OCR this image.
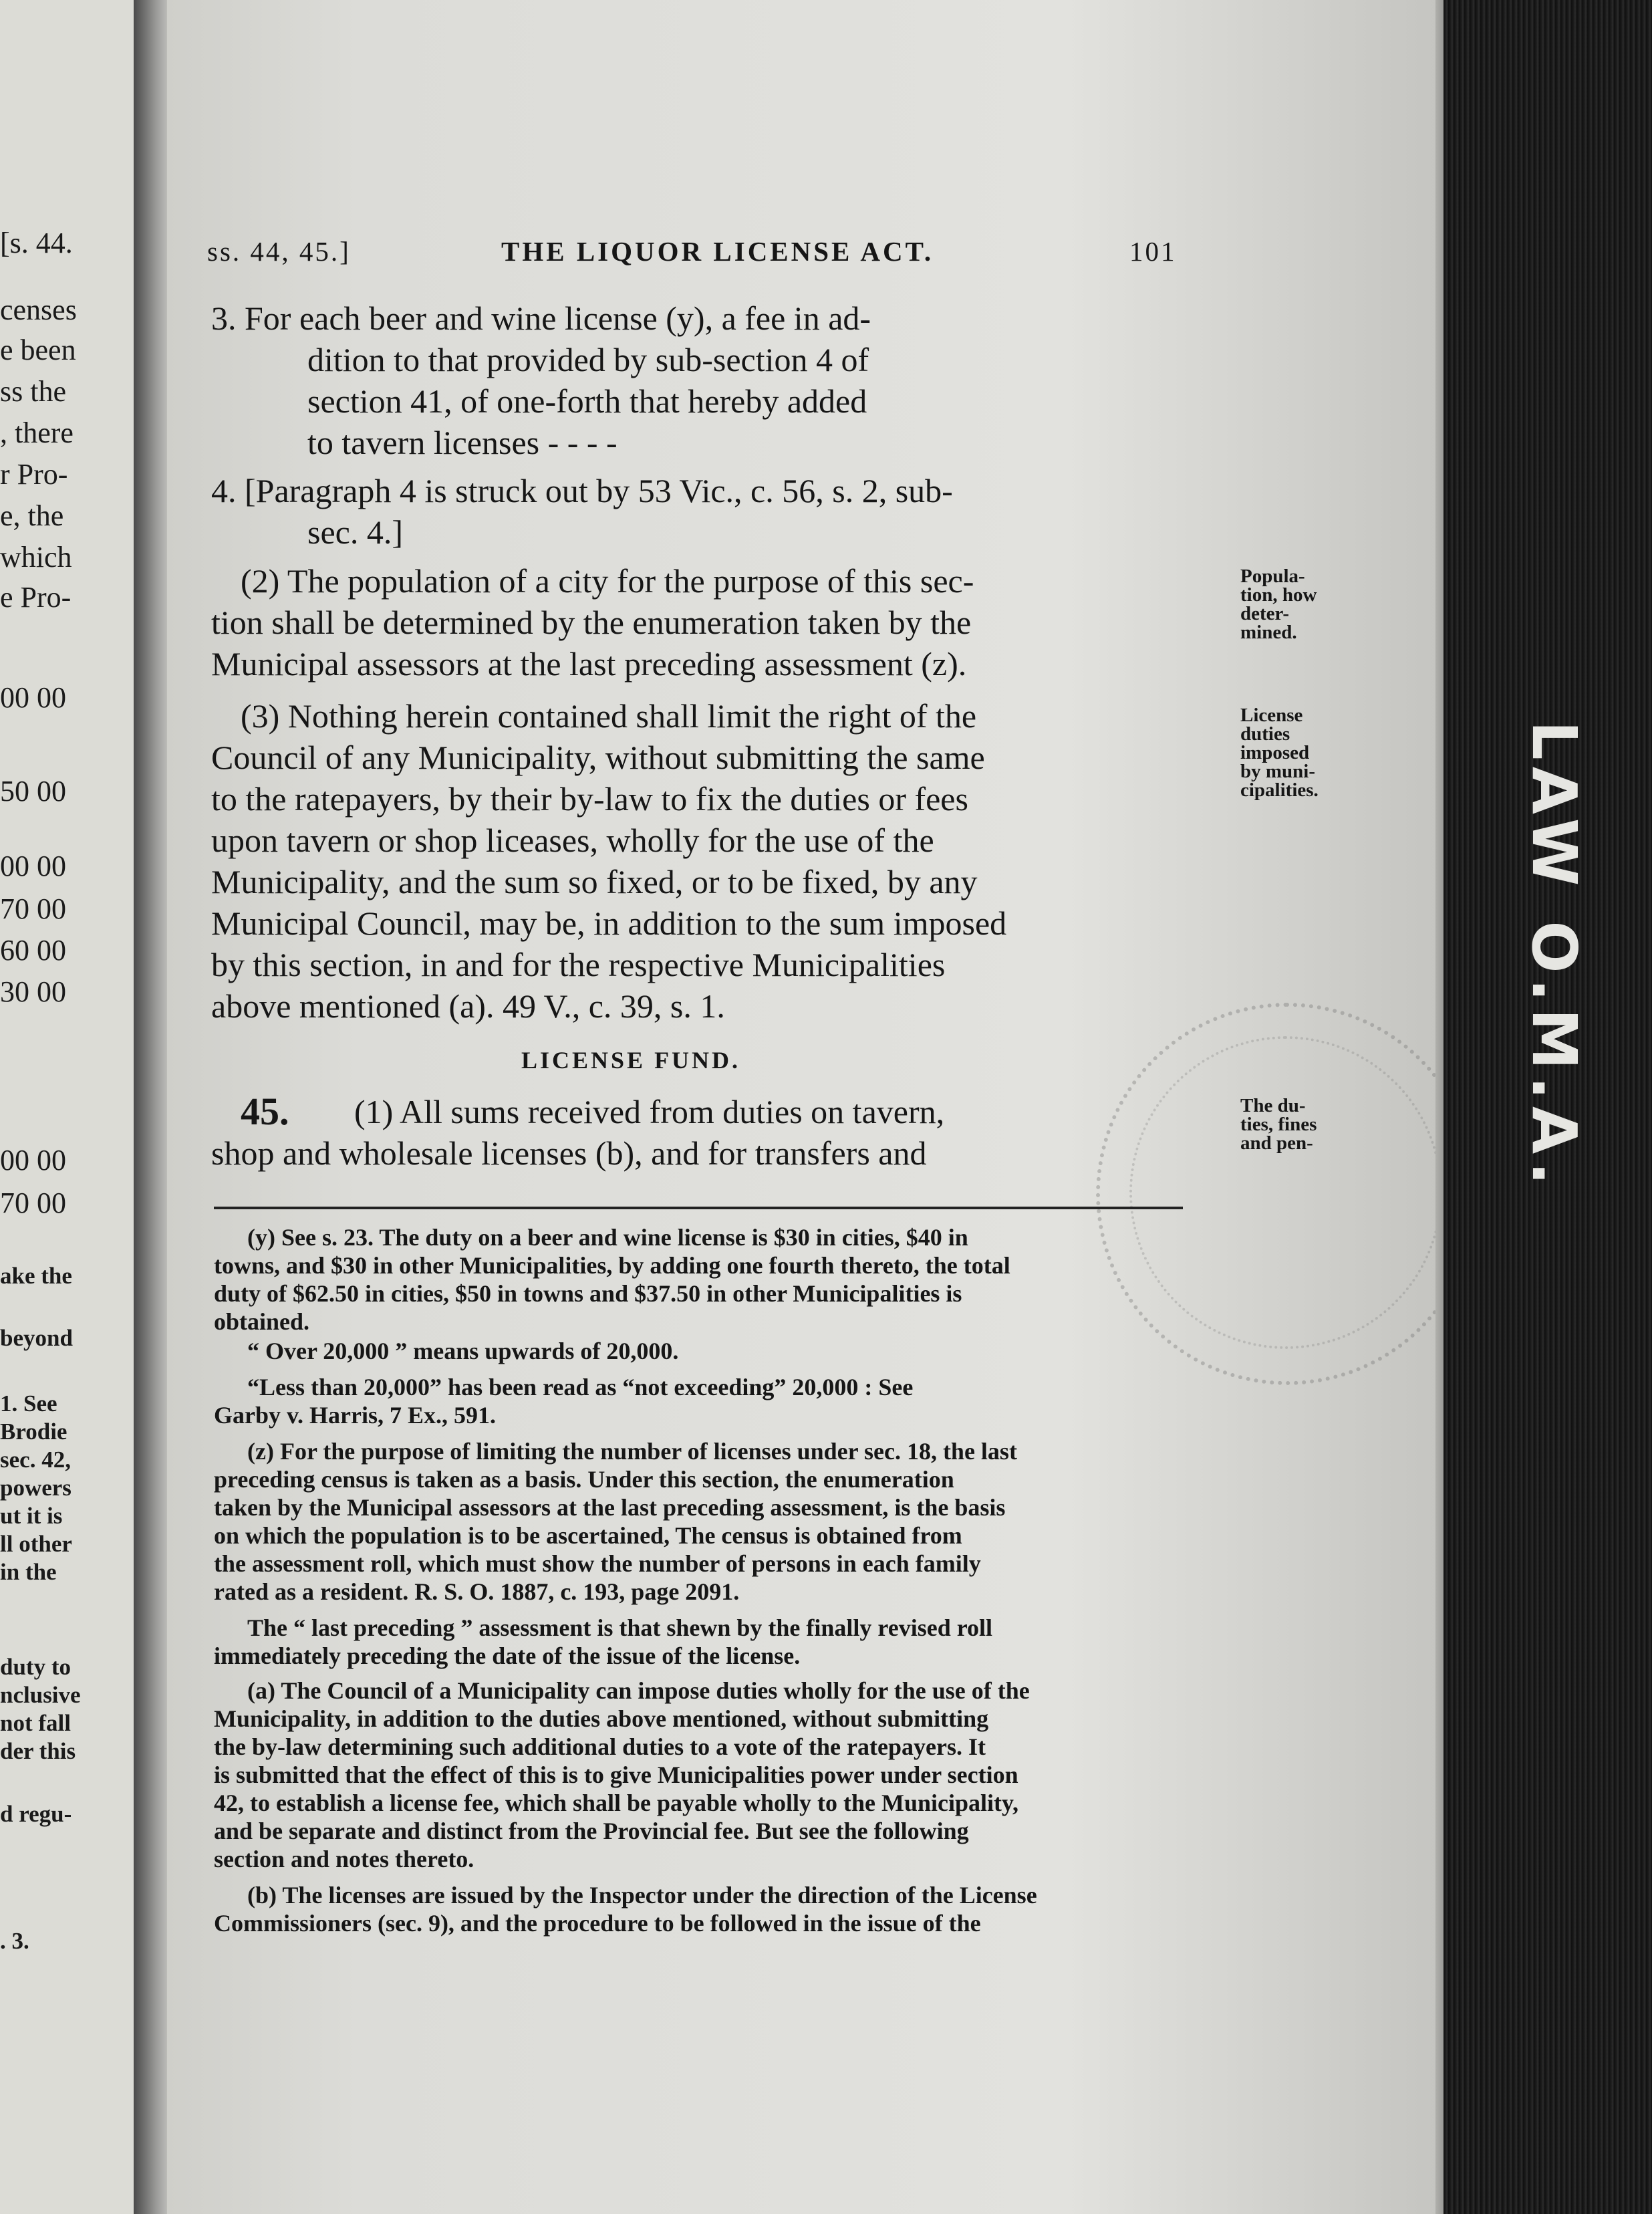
[s. 44.
censes
e been
ss the
, there
r Pro-
e, the
which
e Pro-
00 00
50 00
00 00
70 00
60 00
30 00
00 00
70 00
ake the
beyond
1. See
Brodie
sec. 42,
powers
ut it is
ll other
in the
duty to
nclusive
not fall
der this
d regu-
. 3.
ss. 44, 45.]	THE LIQUOR LICENSE ACT.	101
3. For each beer and wine license (y), a fee in ad-
dition to that provided by sub-section 4 of
section 41, of one-forth that hereby added
to tavern licenses - - - -
4. [Paragraph 4 is struck out by 53 Vic., c. 56, s. 2, sub-
sec. 4.]
(2) The population of a city for the purpose of this sec-
tion shall be determined by the enumeration taken by the
Municipal assessors at the last preceding assessment (z).
(3) Nothing herein contained shall limit the right of the
Council of any Municipality, without submitting the same
to the ratepayers, by their by-law to fix the duties or fees
upon tavern or shop liceases, wholly for the use of the
Municipality, and the sum so fixed, or to be fixed, by any
Municipal Council, may be, in addition to the sum imposed
by this section, in and for the respective Municipalities
above mentioned (a). 49 V., c. 39, s. 1.
LICENSE FUND.
45. (1) All sums received from duties on tavern,
shop and wholesale licenses (b), and for transfers and
Popula-
tion, how
deter-
mined.
License
duties
imposed
by muni-
cipalities.
The du-
ties, fines
and pen-
(y) See s. 23. The duty on a beer and wine license is $30 in cities, $40 in
towns, and $30 in other Municipalities, by adding one fourth thereto, the total
duty of $62.50 in cities, $50 in towns and $37.50 in other Municipalities is
obtained.
“ Over 20,000 ” means upwards of 20,000.
“Less than 20,000” has been read as “not exceeding” 20,000 : See
Garby v. Harris, 7 Ex., 591.
(z) For the purpose of limiting the number of licenses under sec. 18, the last
preceding census is taken as a basis. Under this section, the enumeration
taken by the Municipal assessors at the last preceding assessment, is the basis
on which the population is to be ascertained, The census is obtained from
the assessment roll, which must show the number of persons in each family
rated as a resident. R. S. O. 1887, c. 193, page 2091.
The “ last preceding ” assessment is that shewn by the finally revised roll
immediately preceding the date of the issue of the license.
(a) The Council of a Municipality can impose duties wholly for the use of the
Municipality, in addition to the duties above mentioned, without submitting
the by-law determining such additional duties to a vote of the ratepayers. It
is submitted that the effect of this is to give Municipalities power under section
42, to establish a license fee, which shall be payable wholly to the Municipality,
and be separate and distinct from the Provincial fee. But see the following
section and notes thereto.
(b) The licenses are issued by the Inspector under the direction of the License
Commissioners (sec. 9), and the procedure to be followed in the issue of the
LAW O.M.A.
